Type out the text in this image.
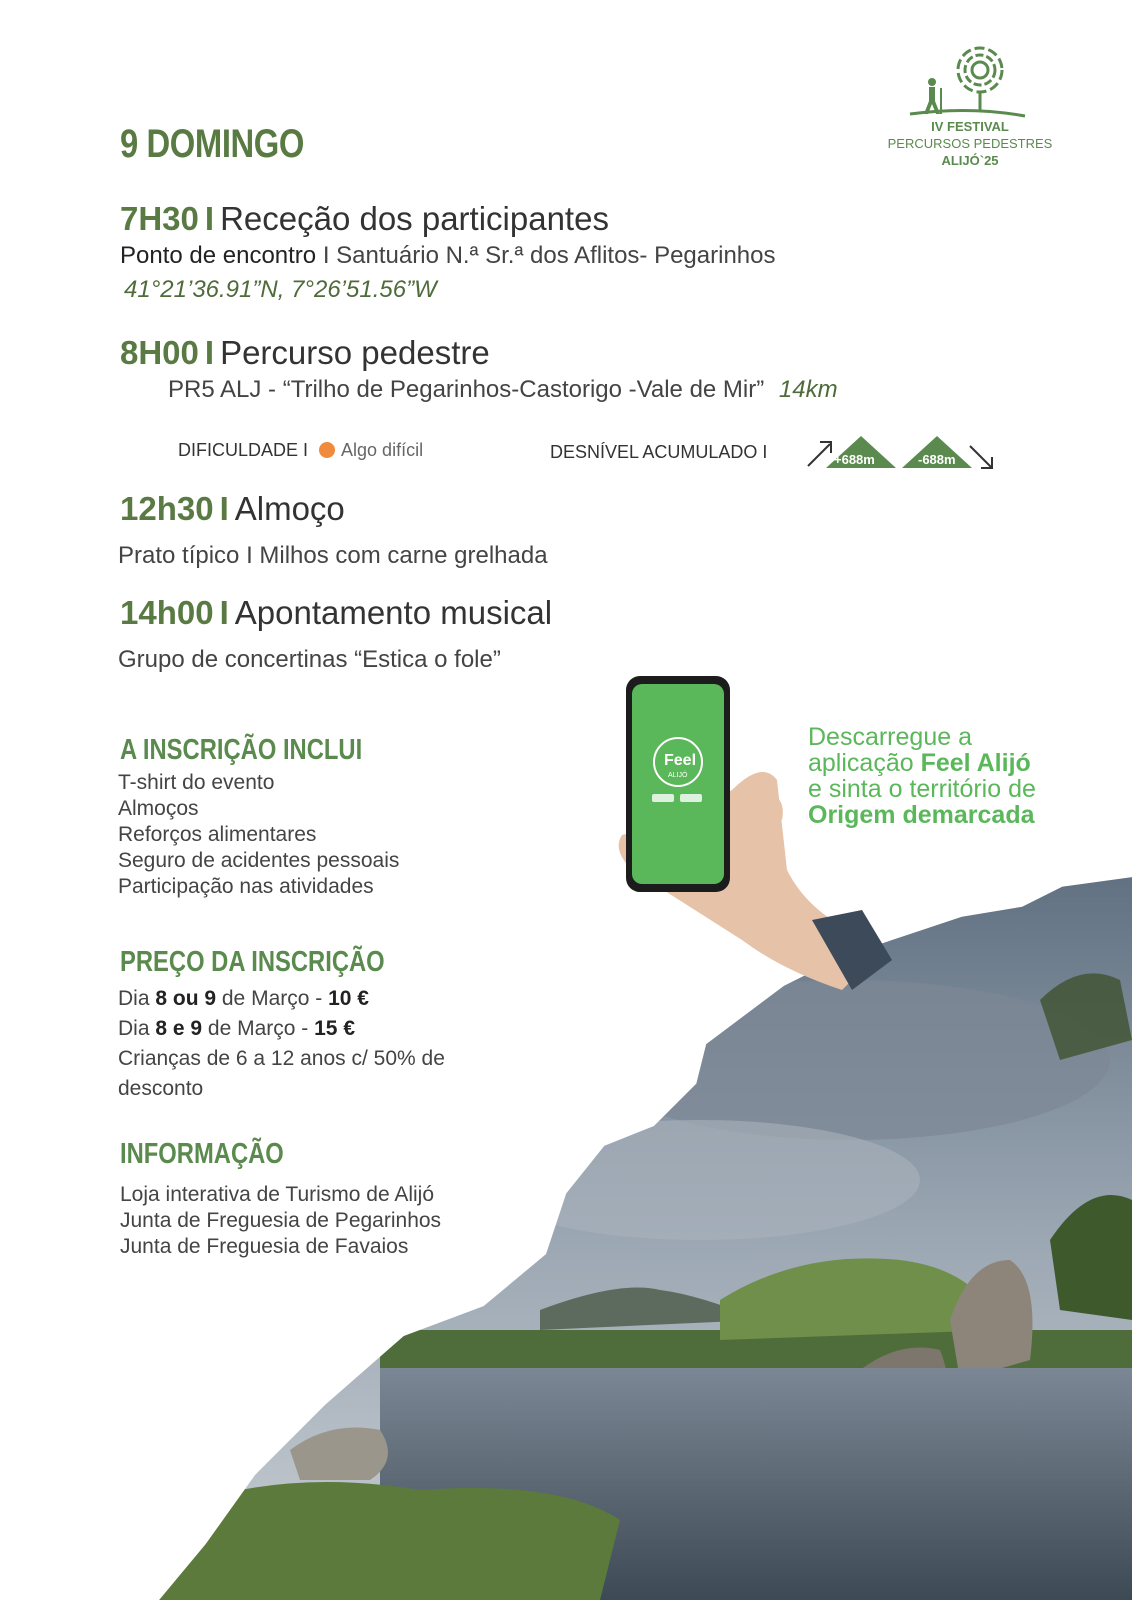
IV FESTIVAL
PERCURSOS PEDESTRES
ALIJÓ`25
9 DOMINGO
7H30 I Receção dos participantes
Ponto de encontro I Santuário N.ª Sr.ª dos Aflitos- Pegarinhos
41°21’36.91”N, 7°26’51.56”W
8H00 I Percurso pedestre
PR5 ALJ - “Trilho de Pegarinhos-Castorigo -Vale de Mir” 14km
DIFICULDADE I Algo difícil	DESNÍVEL ACUMULADO I	+688m	-688m
12h30 I Almoço
Prato típico I Milhos com carne grelhada
14h00 I Apontamento musical
Grupo de concertinas “Estica o fole”
A INSCRIÇÃO INCLUI
T-shirt do evento
Almoços
Reforços alimentares
Seguro de acidentes pessoais
Participação nas atividades
PREÇO DA INSCRIÇÃO
Dia 8 ou 9 de Março - 10 €
Dia 8 e 9 de Março - 15 €
Crianças de 6 a 12 anos c/ 50% de desconto
INFORMAÇÃO
Loja interativa de Turismo de Alijó
Junta de Freguesia de Pegarinhos
Junta de Freguesia de Favaios
Feel
ALIJÓ
Descarregue a
aplicação Feel Alijó
e sinta o território de
Origem demarcada
